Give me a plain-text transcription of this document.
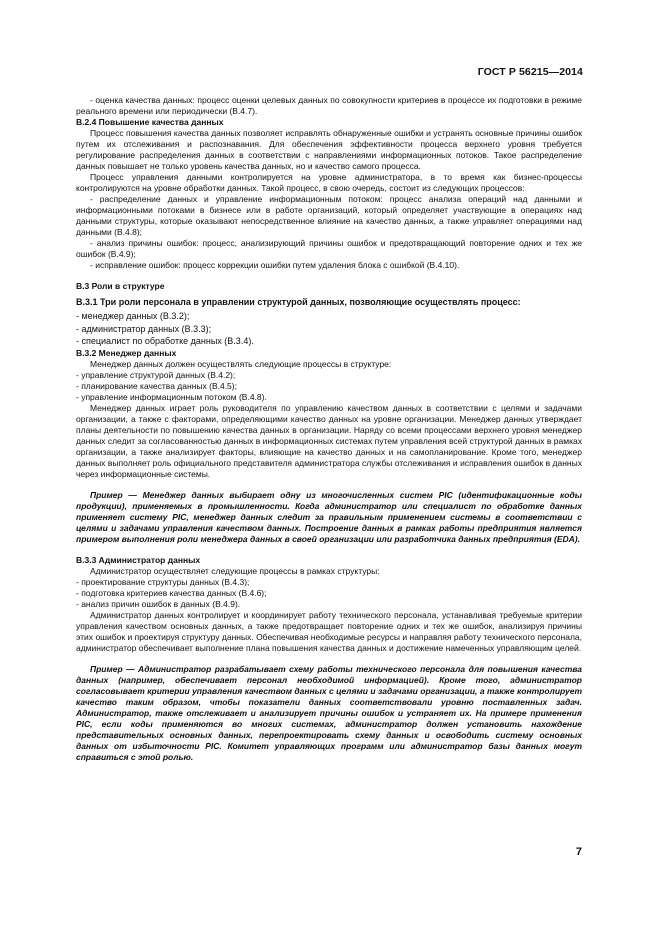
ГОСТ Р 56215—2014

- оценка качества данных: процесс оценки целевых данных по совокупности критериев в процессе их подготовки в режиме реального времени или периодически (B.4.7).

B.2.4 Повышение качества данных

Процесс повышения качества данных позволяет исправлять обнаруженные ошибки и устранять основные причины ошибок путем их отслеживания и распознавания. Для обеспечения эффективности процесса верхнего уровня требуется регулирование распределения данных в соответствии с направлениями информационных потоков. Такое распределение данных повышает не только уровень качества данных, но и качество самого процесса.

Процесс управления данными контролируется на уровне администратора, в то время как бизнес-процессы контролируются на уровне обработки данных. Такой процесс, в свою очередь, состоит из следующих процессов:

- распределение данных и управление информационным потоком: процесс анализа операций над данными и информационными потоками в бизнесе или в работе организаций, который определяет участвующие в операциях над данными структуры, которые оказывают непосредственное влияние на качество данных, а также управляет операциями над данными (B.4.8);

- анализ причины ошибок: процесс, анализирующий причины ошибок и предотвращающий повторение одних и тех же ошибок (B.4.9);

- исправление ошибок: процесс коррекции ошибки путем удаления блока с ошибкой (B.4.10).

B.3 Роли в структуре

B.3.1 Три роли персонала в управлении структурой данных, позволяющие осуществлять процесс:

- менеджер данных (B.3.2);

- администратор данных (B.3.3);

- специалист по обработке данных (B.3.4).

B.3.2 Менеджер данных

Менеджер данных должен осуществлять следующие процессы в структуре:

- управление структурой данных (B.4.2);

- планирование качества данных (B.4.5);

- управление информационным потоком (B.4.8).

Менеджер данных играет роль руководителя по управлению качеством данных в соответствии с целями и задачами организации, а также с факторами, определяющими качество данных на уровне организации. Менеджер данных утверждает планы деятельности по повышению качества данных в организации. Наряду со всеми процессами верхнего уровня менеджер данных следит за согласованностью данных в информационных системах путем управления всей структурой данных в рамках организации, а также анализирует факторы, влияющие на качество данных и на самопланирование. Кроме того, менеджер данных выполняет роль официального представителя администратора службы отслеживания и исправления ошибок в данных через информационные системы.

Пример — Менеджер данных выбирает одну из многочисленных систем PIC (идентификационные коды продукции), применяемых в промышленности. Когда администратор или специалист по обработке данных применяет систему PIC, менеджер данных следит за правильным применением системы в соответствии с целями и задачами управления качеством данных. Построение данных в рамках работы предприятия является примером выполнения роли менеджера данных в своей организации или разработчика данных предприятия (EDA).

B.3.3 Администратор данных

Администратор осуществляет следующие процессы в рамках структуры:

- проектирование структуры данных (B.4.3);

- подготовка критериев качества данных (B.4.6);

- анализ причин ошибок в данных (B.4.9).

Администратор данных контролирует и координирует работу технического персонала, устанавливая требуемые критерии управления качеством основных данных, а также предотвращает повторение одних и тех же ошибок, анализируя причины этих ошибок и проектируя структуру данных. Обеспечивая необходимые ресурсы и направляя работу технического персонала, администратор обеспечивает выполнение плана повышения качества данных и достижение намеченных управляющим целей.

Пример — Администратор разрабатывает схему работы технического персонала для повышения качества данных (например, обеспечивает персонал необходимой информацией). Кроме того, администратор согласовывает критерии управления качеством данных с целями и задачами организации, а также контролирует качество таким образом, чтобы показатели данных соответствовали уровню поставленных задач. Администратор, также отслеживает и анализирует причины ошибок и устраняет их. На примере применения PIC, если коды применяются во многих системах, администратор должен установить нахождение представительных основных данных, перепроектировать схему данных и освободить систему основных данных от избыточности PIC. Комитет управляющих программ или администратор базы данных могут справиться с этой ролью.

7
